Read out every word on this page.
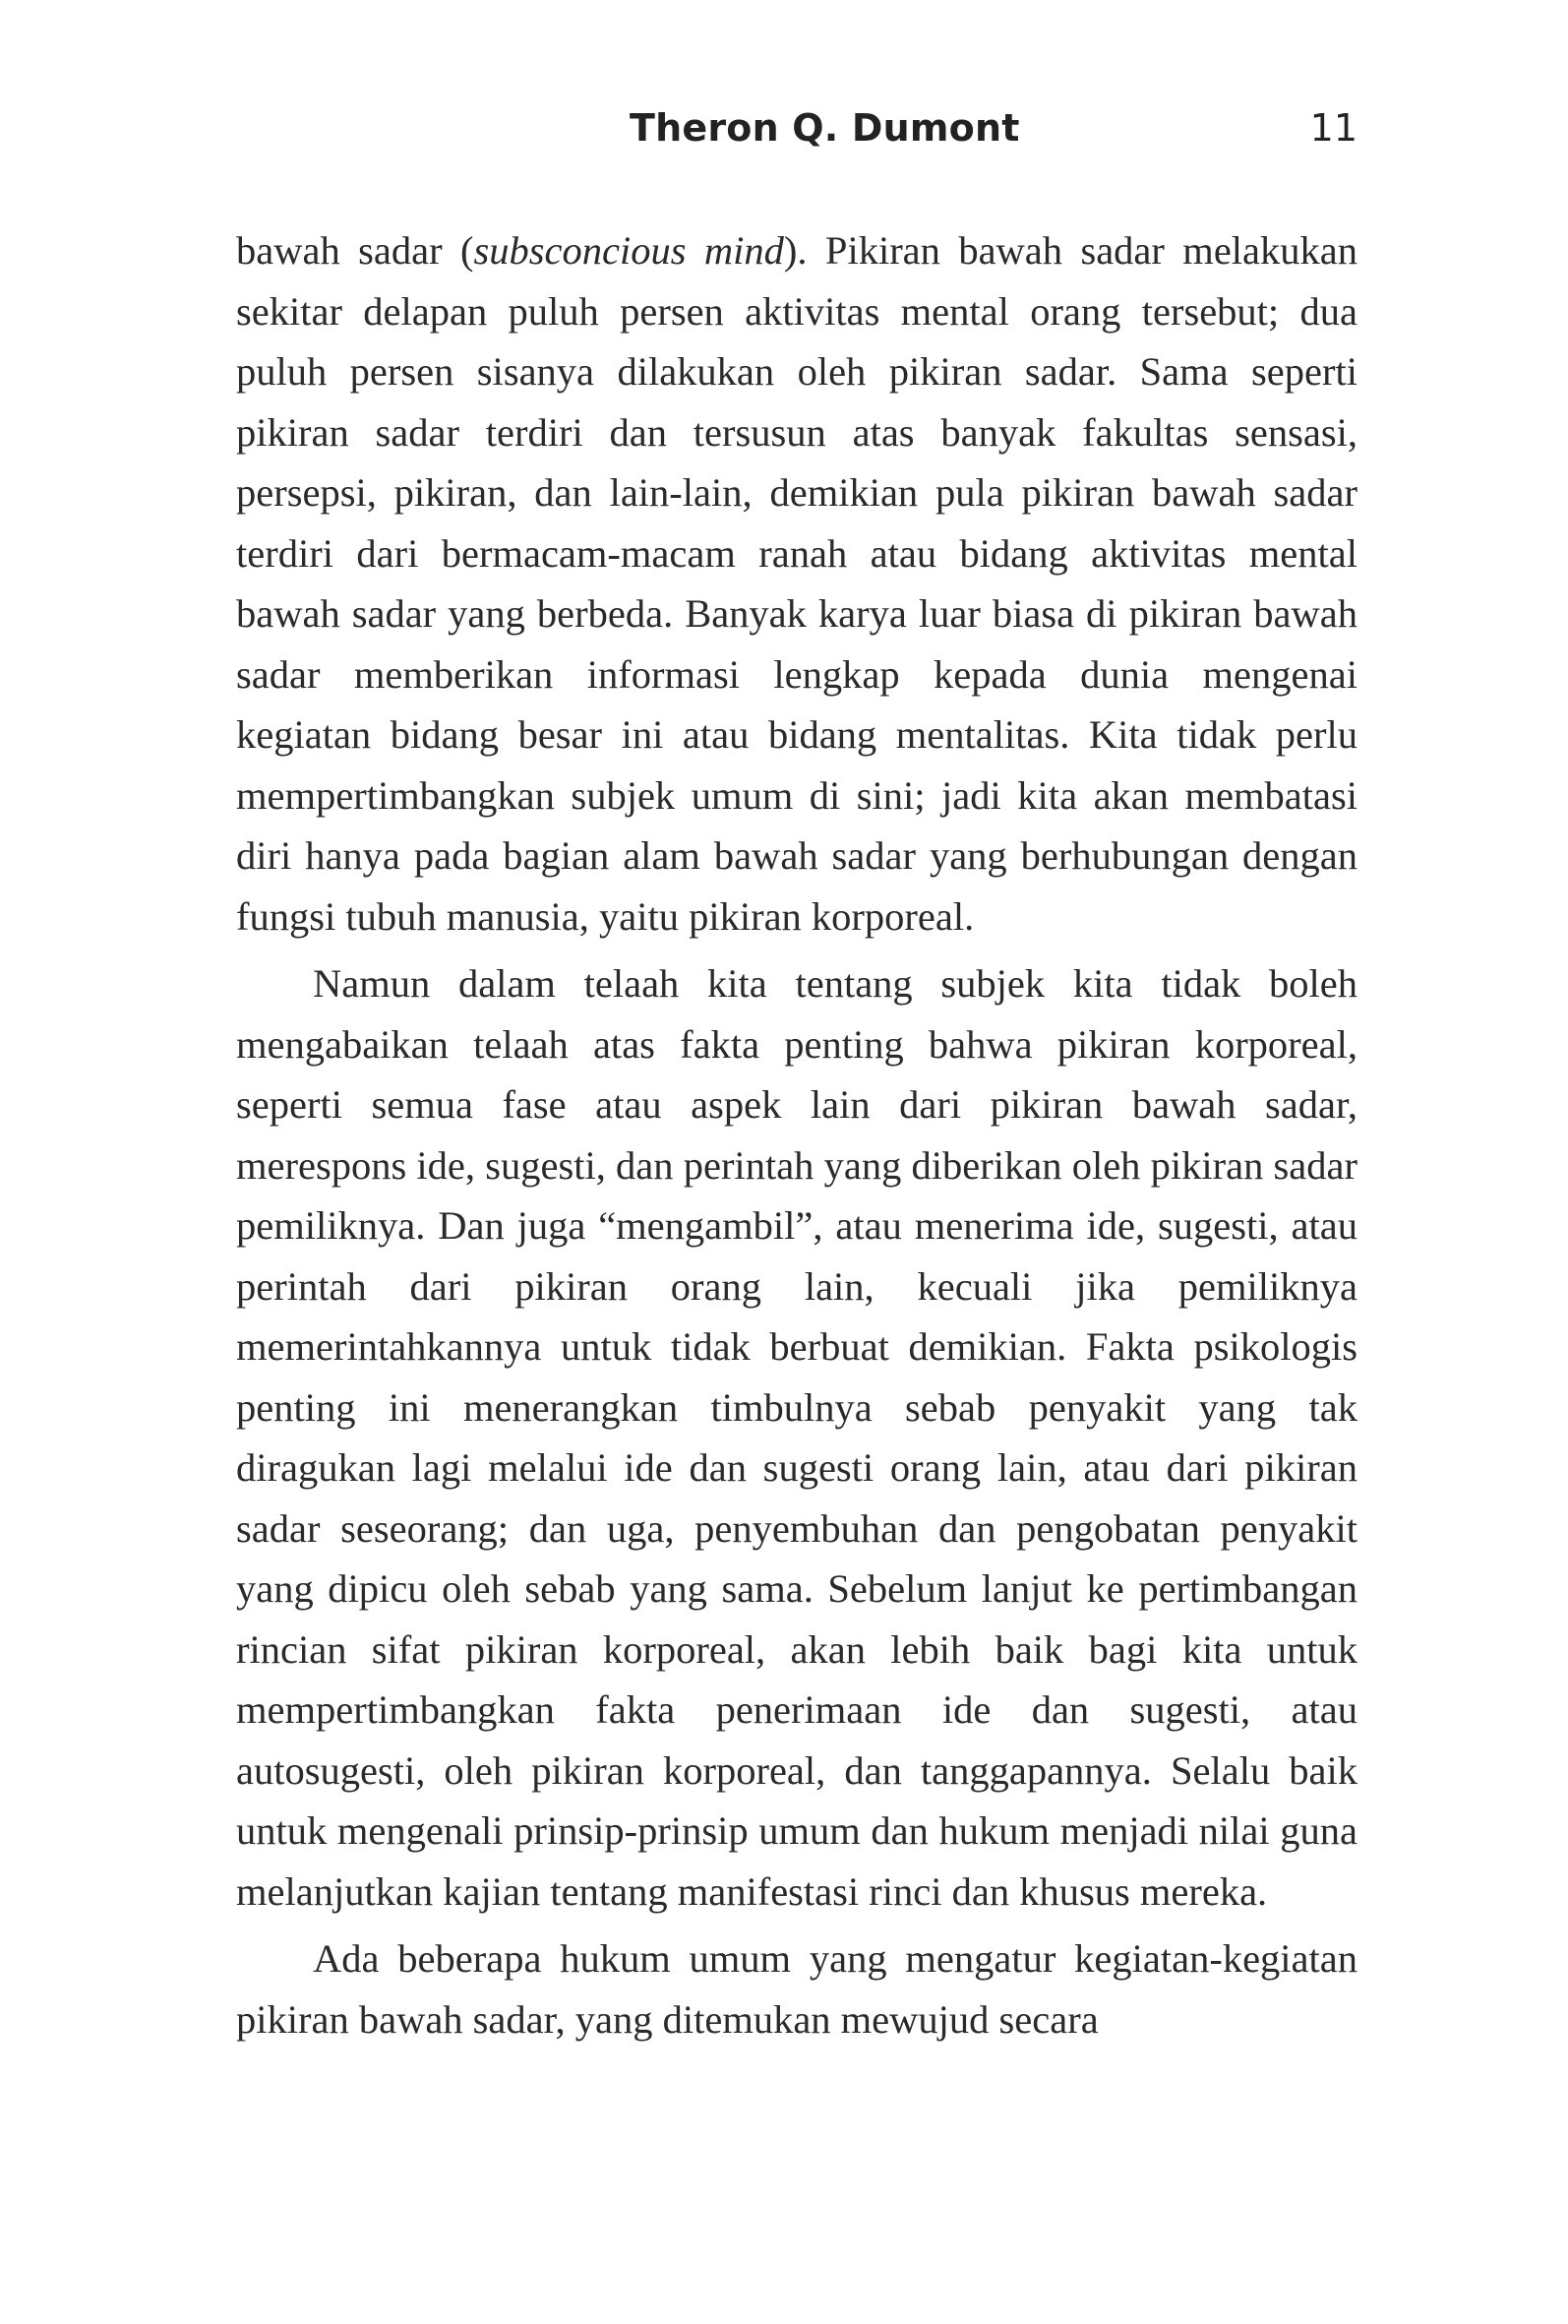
Theron Q. Dumont	11

bawah sadar (subsconcious mind). Pikiran bawah sadar melakukan sekitar delapan puluh persen aktivitas mental orang tersebut; dua puluh persen sisanya dilakukan oleh pikiran sadar. Sama seperti pikiran sadar terdiri dan tersusun atas banyak fakultas sensasi, persepsi, pikiran, dan lain-lain, demikian pula pikiran bawah sadar terdiri dari bermacam-macam ranah atau bidang aktivitas mental bawah sadar yang berbeda. Banyak karya luar biasa di pikiran bawah sadar memberikan informasi lengkap kepada dunia mengenai kegiatan bidang besar ini atau bidang mentalitas. Kita tidak perlu mempertimbangkan subjek umum di sini; jadi kita akan membatasi diri hanya pada bagian alam bawah sadar yang berhubungan dengan fungsi tubuh manusia, yaitu pikiran korporeal.

Namun dalam telaah kita tentang subjek kita tidak boleh mengabaikan telaah atas fakta penting bahwa pikiran korporeal, seperti semua fase atau aspek lain dari pikiran bawah sadar, merespons ide, sugesti, dan perintah yang diberikan oleh pikiran sadar pemiliknya. Dan juga “mengambil”, atau menerima ide, sugesti, atau perintah dari pikiran orang lain, kecuali jika pemiliknya memerintahkannya untuk tidak berbuat demikian. Fakta psikologis penting ini menerangkan timbulnya sebab penyakit yang tak diragukan lagi melalui ide dan sugesti orang lain, atau dari pikiran sadar seseorang; dan uga, penyembuhan dan pengobatan penyakit yang dipicu oleh sebab yang sama. Sebelum lanjut ke pertimbangan rincian sifat pikiran korporeal, akan lebih baik bagi kita untuk mempertimbangkan fakta penerimaan ide dan sugesti, atau autosugesti, oleh pikiran korporeal, dan tanggapannya. Selalu baik untuk mengenali prinsip-prinsip umum dan hukum menjadi nilai guna melanjutkan kajian tentang manifestasi rinci dan khusus mereka.

Ada beberapa hukum umum yang mengatur kegiatan-kegiatan pikiran bawah sadar, yang ditemukan mewujud secara
